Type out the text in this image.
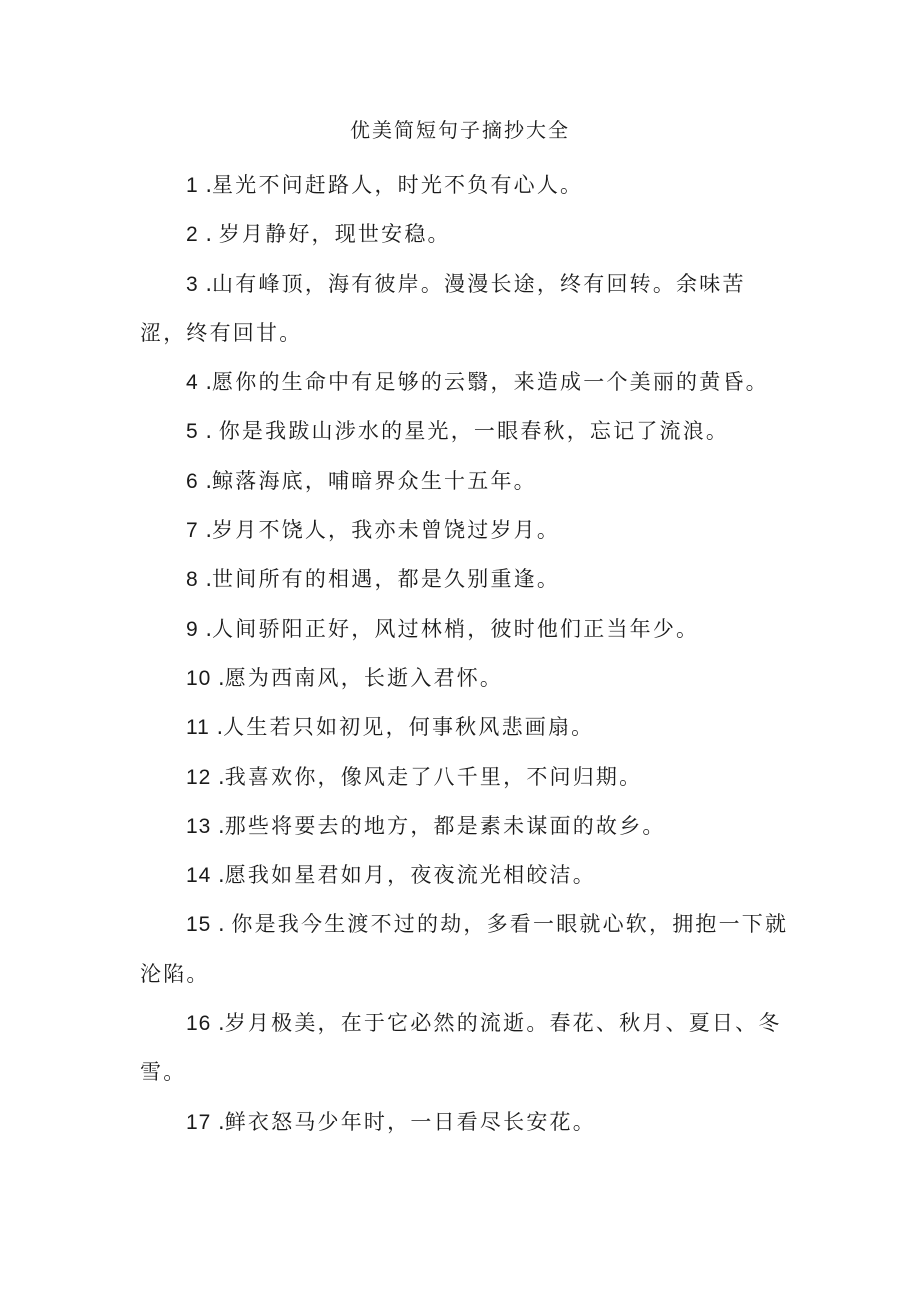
优美简短句子摘抄大全
1 .星光不问赶路人，时光不负有心人。
2 . 岁月静好，现世安稳。
3 .山有峰顶，海有彼岸。漫漫长途，终有回转。余味苦涩，终有回甘。
4 .愿你的生命中有足够的云翳，来造成一个美丽的黄昏。
5 . 你是我跋山涉水的星光，一眼春秋，忘记了流浪。
6 .鲸落海底，哺暗界众生十五年。
7 .岁月不饶人，我亦未曾饶过岁月。
8 .世间所有的相遇，都是久别重逢。
9 .人间骄阳正好，风过林梢，彼时他们正当年少。
10 .愿为西南风，长逝入君怀。
11 .人生若只如初见，何事秋风悲画扇。
12 .我喜欢你，像风走了八千里，不问归期。
13 .那些将要去的地方，都是素未谋面的故乡。
14 .愿我如星君如月，夜夜流光相皎洁。
15 . 你是我今生渡不过的劫，多看一眼就心软，拥抱一下就沦陷。
16 .岁月极美，在于它必然的流逝。春花、秋月、夏日、冬雪。
17 .鲜衣怒马少年时，一日看尽长安花。
